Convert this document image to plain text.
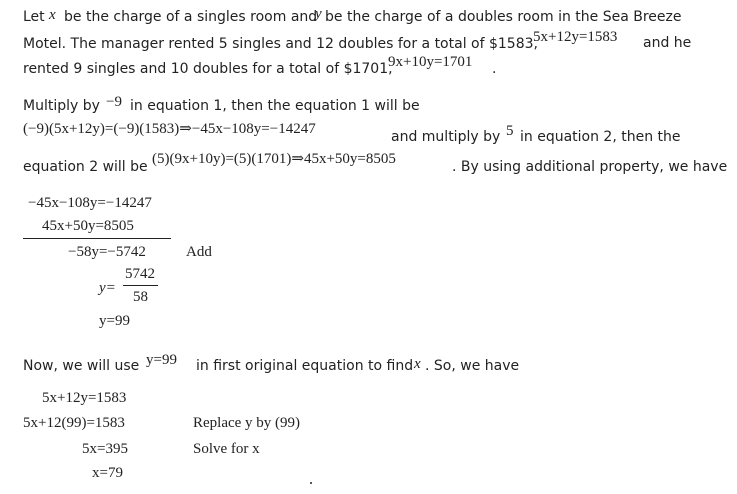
Let x be the charge of a singles room and
y be the charge of a doubles room in the Sea Breeze
Motel. The manager rented 5 singles and 12 doubles for a total of $1583,
5x+12y=1583 and he
rented 9 singles and 10 doubles for a total of $1701,
9x+10y=1701 .
Multiply by −9 in equation 1, then the equation 1 will be
(−9)(5x+12y)=(−9)(1583)⇒−45x−108y=−14247	and multiply by 5 in equation 2, then the
equation 2 will be (5)(9x+10y)=(5)(1701)⇒45x+50y=8505	. By using additional property, we have
−45x−108y=−14247
45x+50y=8505
−58y=−5742	Add
y=
5742
58
y=99
Now, we will use y=99 in first original equation to find x . So, we have
5x+12y=1583
5x+12(99)=1583	Replace y by (99)
5x=395	Solve for x
x=79
